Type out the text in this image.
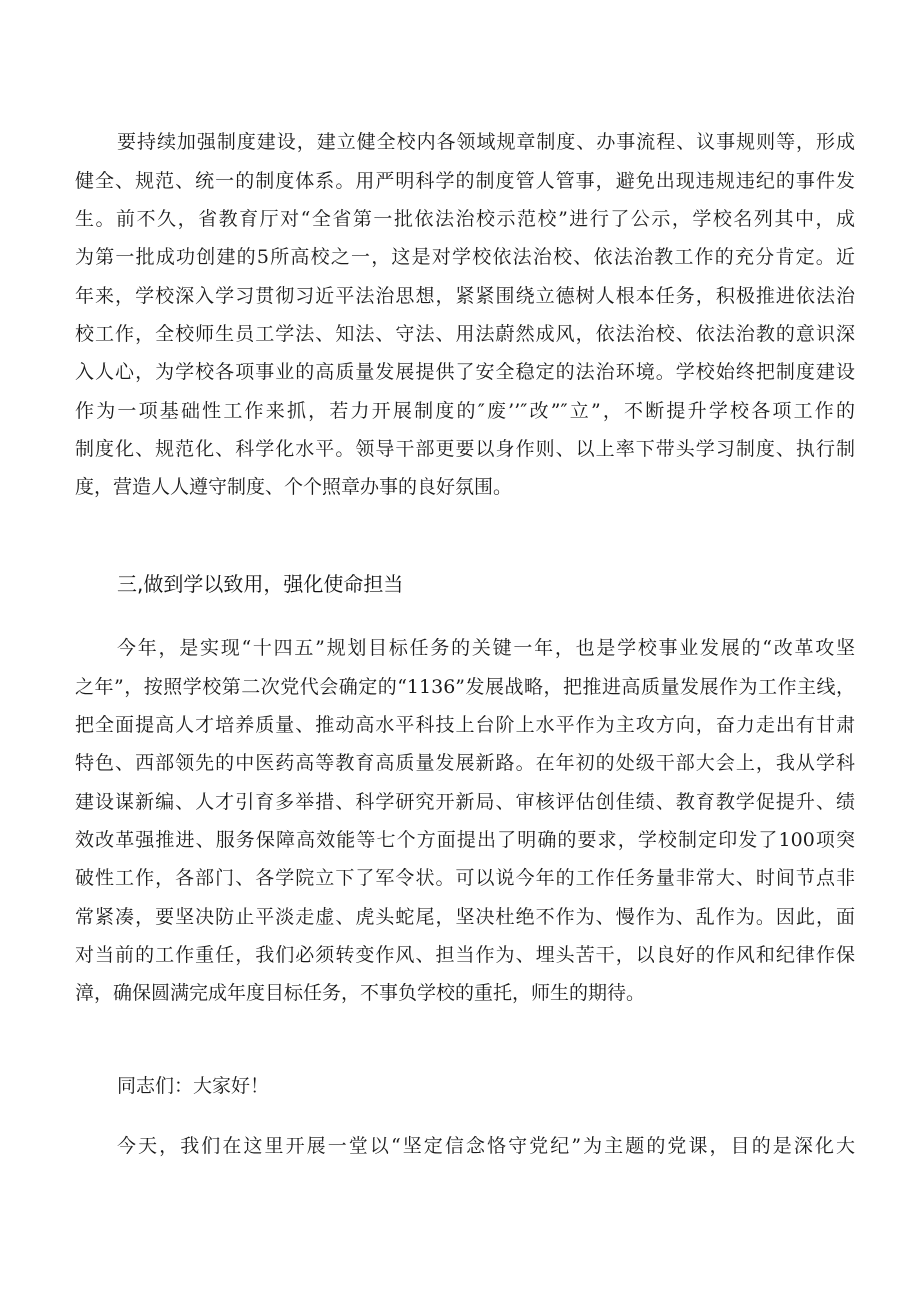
要持续加强制度建设，建立健全校内各领域规章制度、办事流程、议事规则等，形成
健全、规范、统一的制度体系。用严明科学的制度管人管事，避免出现违规违纪的事件发
生。前不久，省教育厅对“全省第一批依法治校示范校”进行了公示，学校名列其中，成
为第一批成功创建的5所高校之一，这是对学校依法治校、依法治教工作的充分肯定。近
年来，学校深入学习贯彻习近平法治思想，紧紧围绕立德树人根本任务，积极推进依法治
校工作，全校师生员工学法、知法、守法、用法蔚然成风，依法治校、依法治教的意识深
入人心，为学校各项事业的高质量发展提供了安全稳定的法治环境。学校始终把制度建设
作为一项基础性工作来抓，若力开展制度的″废’’″改”″立”，不断提升学校各项工作的
制度化、规范化、科学化水平。领导干部更要以身作则、以上率下带头学习制度、执行制
度，营造人人遵守制度、个个照章办事的良好氛围。
三,做到学以致用，强化使命担当
今年，是实现“十四五”规划目标任务的关键一年，也是学校事业发展的“改革攻坚
之年”，按照学校第二次党代会确定的“1136”发展战略，把推进高质量发展作为工作主线，
把全面提高人才培养质量、推动高水平科技上台阶上水平作为主攻方向，奋力走出有甘肃
特色、西部领先的中医药高等教育高质量发展新路。在年初的处级干部大会上，我从学科
建设谋新编、人才引育多举措、科学研究开新局、审核评估创佳绩、教育教学促提升、绩
效改革强推进、服务保障高效能等七个方面提出了明确的要求，学校制定印发了100项突
破性工作，各部门、各学院立下了军令状。可以说今年的工作任务量非常大、时间节点非
常紧凑，要坚决防止平淡走虚、虎头蛇尾，坚决杜绝不作为、慢作为、乱作为。因此，面
对当前的工作重任，我们必须转变作风、担当作为、埋头苦干，以良好的作风和纪律作保
漳，确保圆满完成年度目标任务，不事负学校的重托，师生的期待。
同志们：大家好！
今天，我们在这里开展一堂以“坚定信念恪守党纪”为主题的党课，目的是深化大
